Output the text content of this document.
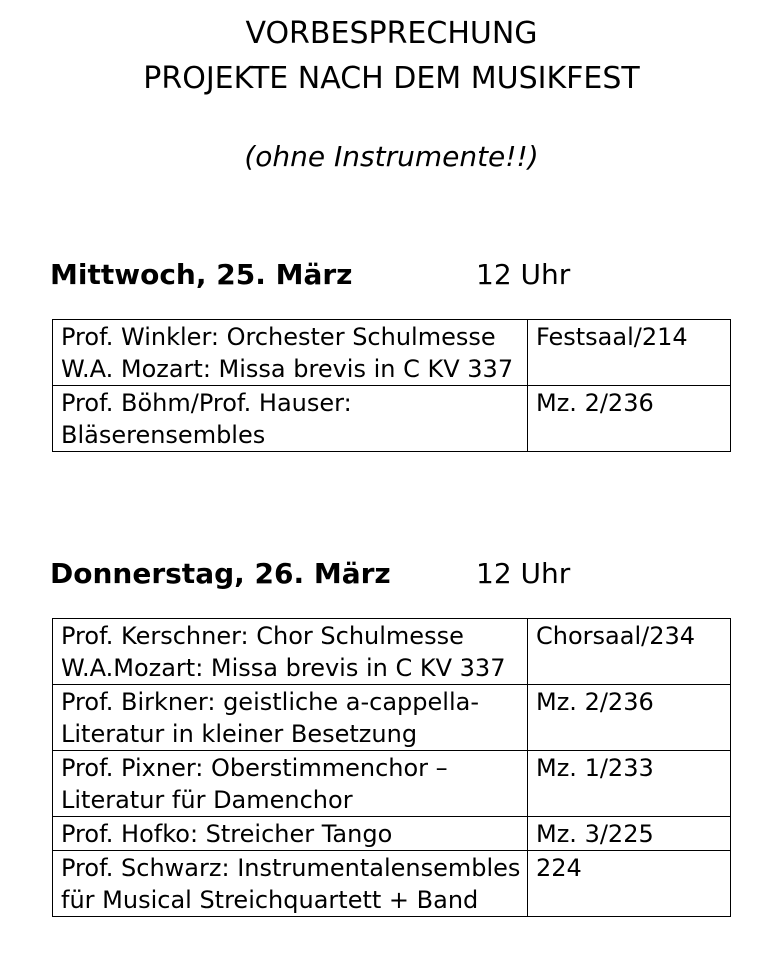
VORBESPRECHUNG
PROJEKTE NACH DEM MUSIKFEST
(ohne Instrumente!!)
Mittwoch, 25. März	12 Uhr
Prof. Winkler: Orchester Schulmesse
W.A. Mozart: Missa brevis in C KV 337	Festsaal/214

Prof. Böhm/Prof. Hauser:
Bläserensembles	Mz. 2/236
Donnerstag, 26. März	12 Uhr
Prof. Kerschner: Chor Schulmesse
W.A.Mozart: Missa brevis in C KV 337	Chorsaal/234

Prof. Birkner: geistliche a-cappella-
Literatur in kleiner Besetzung	Mz. 2/236

Prof. Pixner: Oberstimmenchor –
Literatur für Damenchor	Mz. 1/233

Prof. Hofko: Streicher Tango	Mz. 3/225

Prof. Schwarz: Instrumentalensembles
für Musical Streichquartett + Band	224
